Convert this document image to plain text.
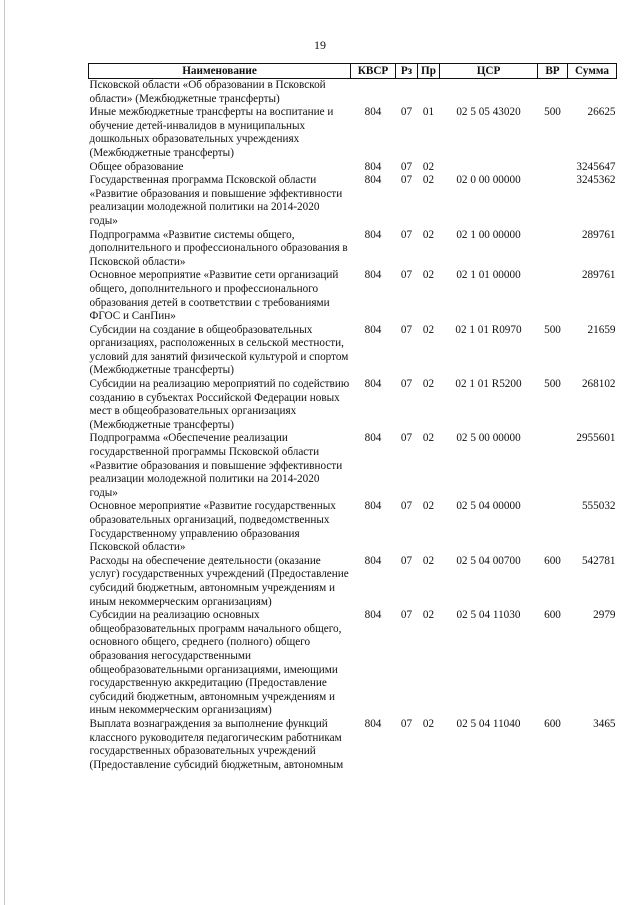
19
Наименование	КВСР	Рз	Пр	ЦСР	ВР	Сумма
Псковской области «Об образовании в Псковской области» (Межбюджетные трансферты)						
Иные межбюджетные трансферты на воспитание и обучение детей-инвалидов в муниципальных дошкольных образовательных учреждениях (Межбюджетные трансферты)	804	07	01	02 5 05 43020	500	26625
Общее образование	804	07	02			3245647
Государственная программа Псковской области «Развитие образования и повышение эффективности реализации молодежной политики на 2014-2020 годы»	804	07	02	02 0 00 00000		3245362
Подпрограмма «Развитие системы общего, дополнительного и профессионального образования в Псковской области»	804	07	02	02 1 00 00000		289761
Основное мероприятие «Развитие сети организаций общего, дополнительного и профессионального образования детей в соответствии с требованиями ФГОС и СанПин»	804	07	02	02 1 01 00000		289761
Субсидии на создание в общеобразовательных организациях, расположенных в сельской местности, условий для занятий физической культурой и спортом (Межбюджетные трансферты)	804	07	02	02 1 01 R0970	500	21659
Субсидии на реализацию мероприятий по содействию созданию в субъектах Российской Федерации новых мест в общеобразовательных организациях (Межбюджетные трансферты)	804	07	02	02 1 01 R5200	500	268102
Подпрограмма «Обеспечение реализации государственной программы Псковской области «Развитие образования и повышение эффективности реализации молодежной политики на 2014-2020 годы»	804	07	02	02 5 00 00000		2955601
Основное мероприятие «Развитие государственных образовательных организаций, подведомственных Государственному управлению образования Псковской области»	804	07	02	02 5 04 00000		555032
Расходы на обеспечение деятельности (оказание услуг) государственных учреждений (Предоставление субсидий бюджетным, автономным учреждениям и иным некоммерческим организациям)	804	07	02	02 5 04 00700	600	542781
Субсидии на реализацию основных общеобразовательных программ начального общего, основного общего, среднего (полного) общего образования негосударственными общеобразовательными организациями, имеющими государственную аккредитацию (Предоставление субсидий бюджетным, автономным учреждениям и иным некоммерческим организациям)	804	07	02	02 5 04 11030	600	2979
Выплата вознаграждения за выполнение функций классного руководителя педагогическим работникам государственных образовательных учреждений (Предоставление субсидий бюджетным, автономным	804	07	02	02 5 04 11040	600	3465
